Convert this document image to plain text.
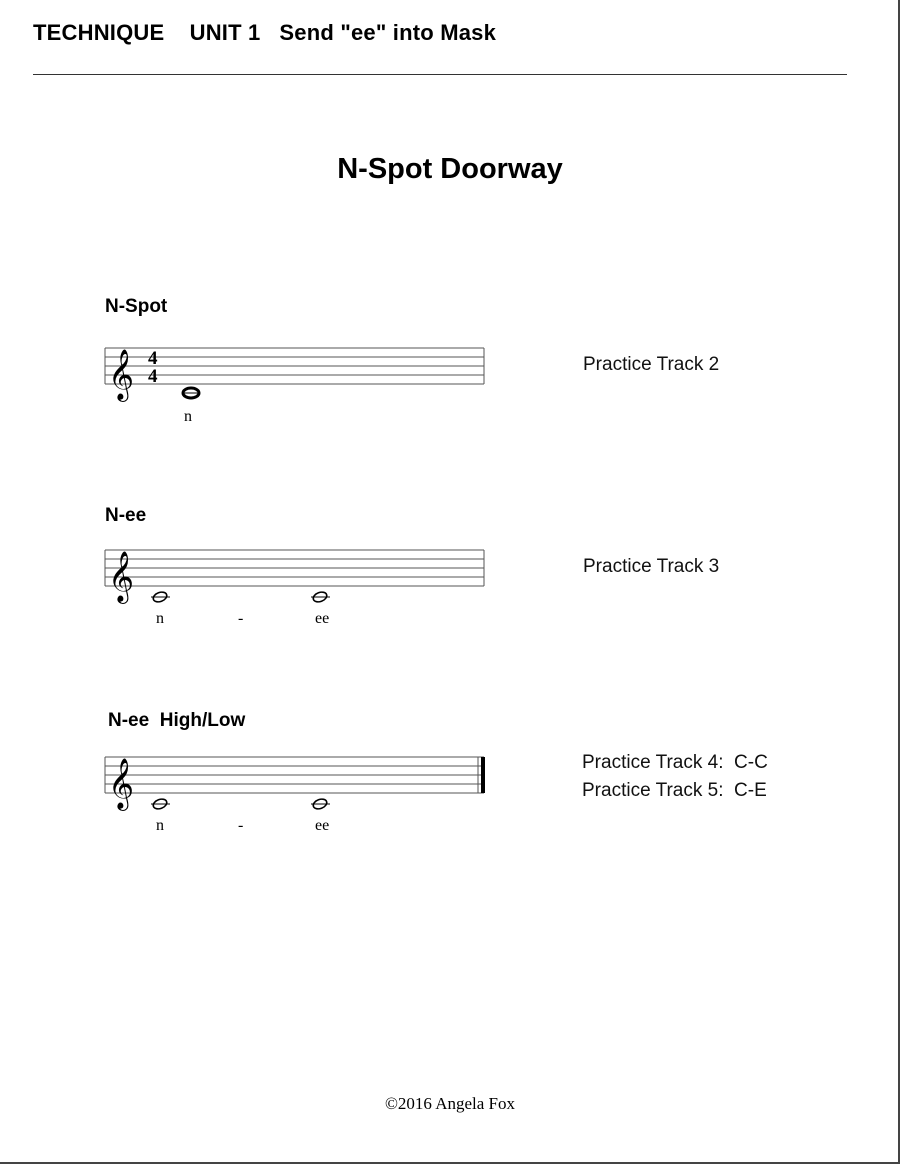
TECHNIQUE    UNIT 1   Send "ee" into Mask
N-Spot Doorway
N-Spot
𝄞 4
4
n
Practice Track 2
N-ee
𝄞
n	-	ee
Practice Track 3
N-ee  High/Low
𝄞
n	-	ee
Practice Track 4:  C-C
Practice Track 5:  C-E
©2016 Angela Fox
